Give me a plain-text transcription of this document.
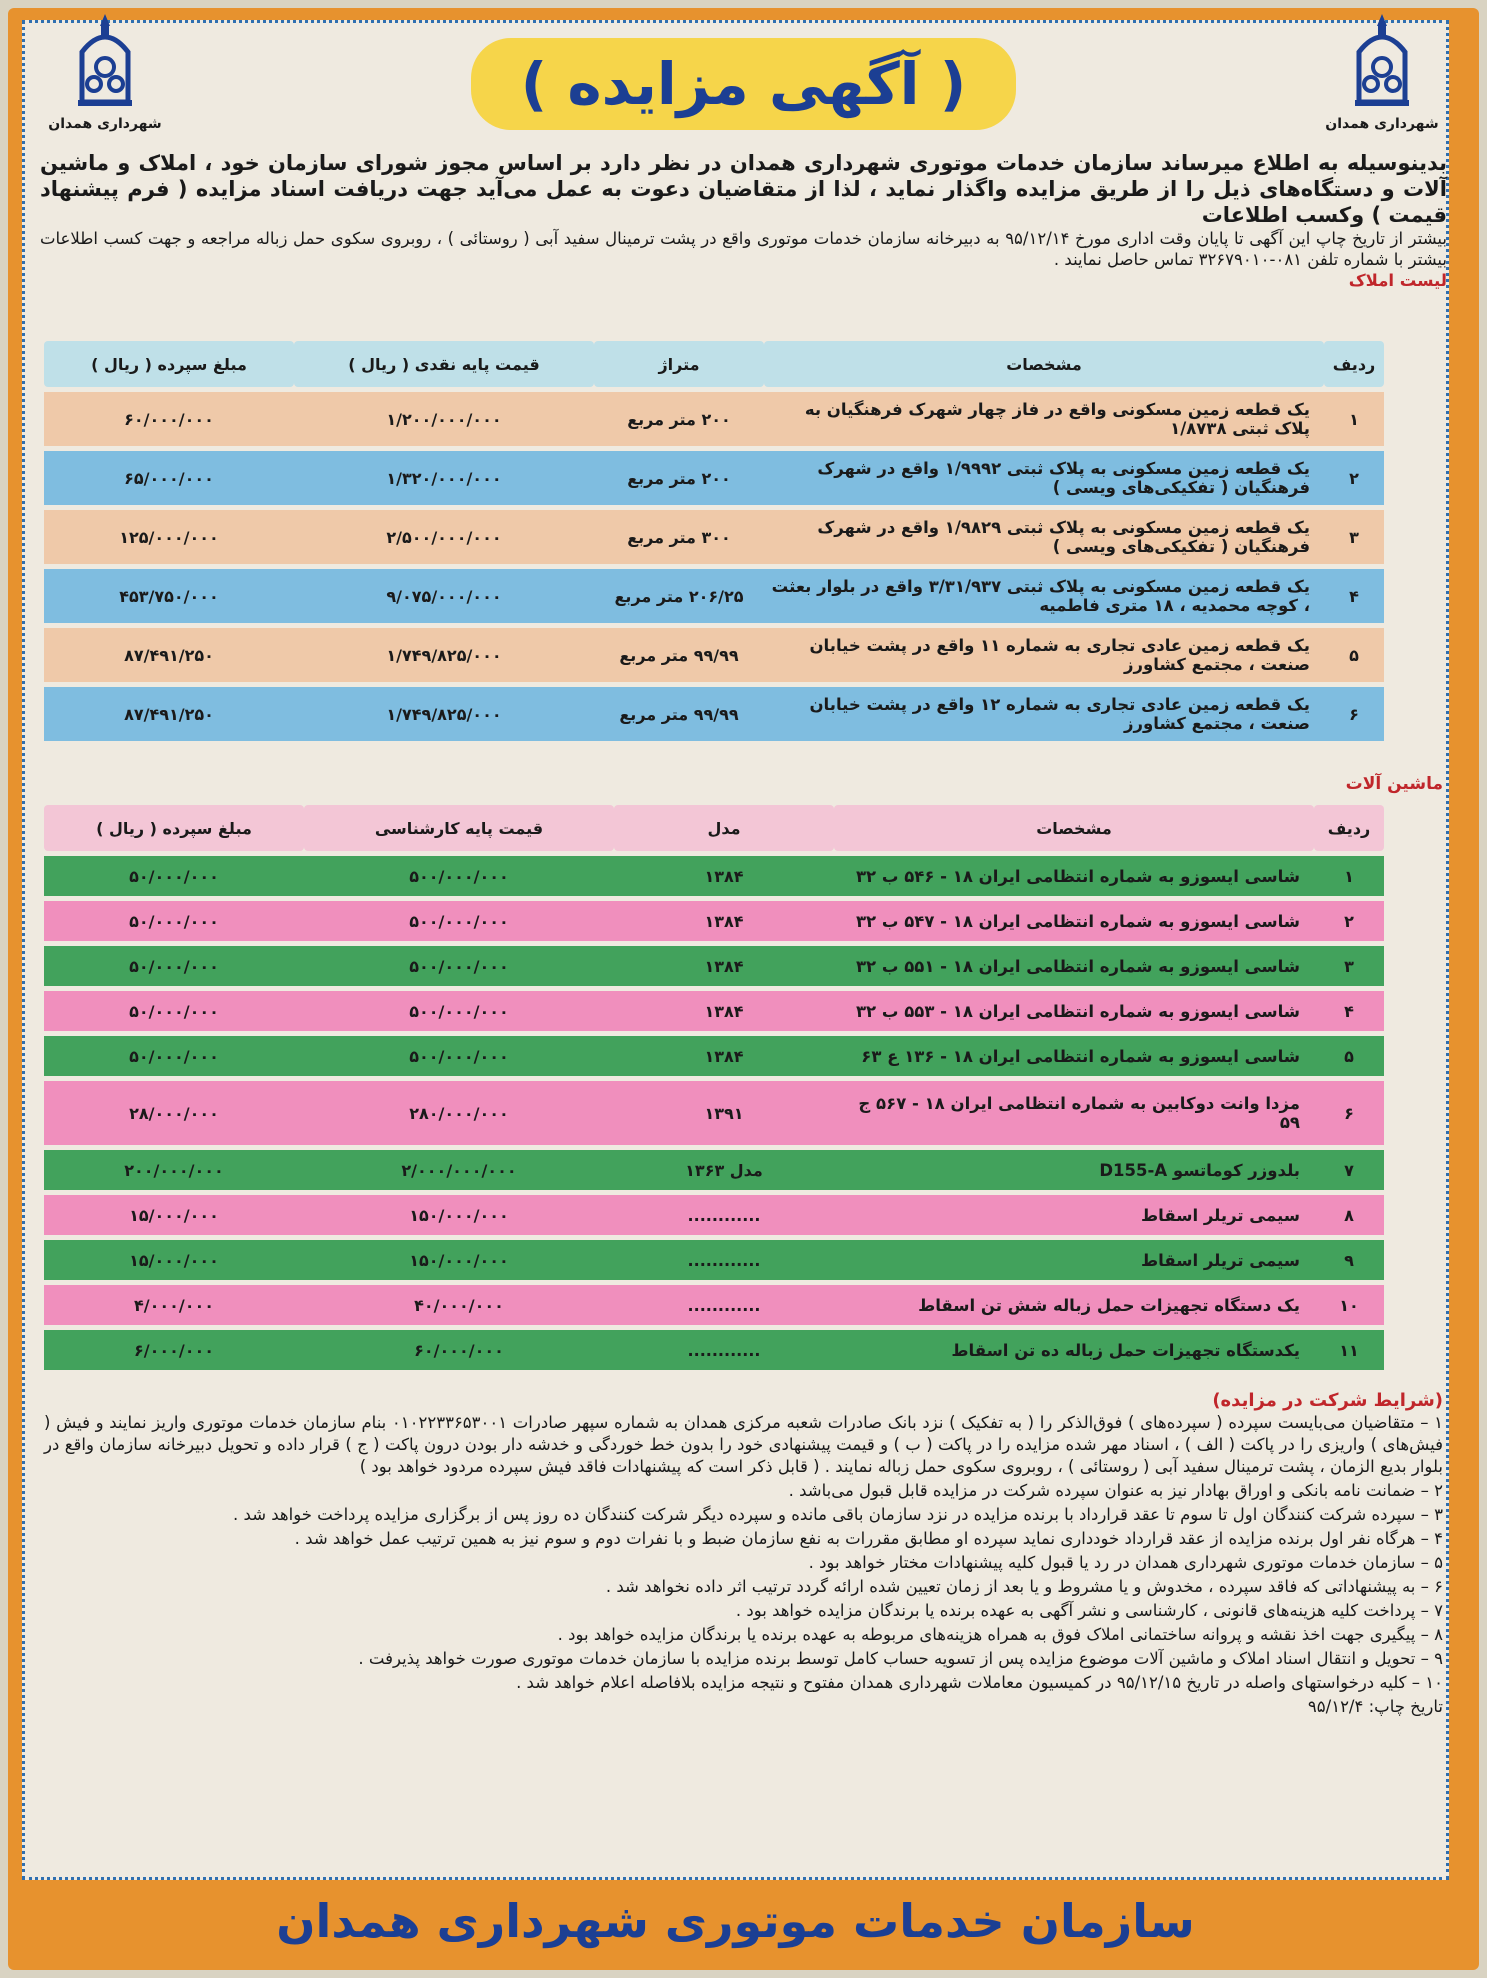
شهرداری همدان	شهرداری همدان
( آگهی مزایده )
بدینوسیله به اطلاع میرساند سازمان خدمات موتوری شهرداری همدان در نظر دارد بر اساس مجوز شورای سازمان خود ، املاک و ماشین آلات و دستگاه‌های ذیل را از طریق مزایده واگذار نماید ، لذا از متقاضیان دعوت به عمل می‌آید جهت دریافت اسناد مزایده ( فرم پیشنهاد قیمت ) وکسب اطلاعات
بیشتر از تاریخ چاپ این آگهی تا پایان وقت اداری مورخ ۹۵/۱۲/۱۴ به دبیرخانه سازمان خدمات موتوری واقع در پشت ترمینال سفید آبی ( روستائی ) ، روبروی سکوی حمل زباله مراجعه و جهت کسب اطلاعات بیشتر با شماره تلفن ۰۸۱-۳۲۶۷۹۰۱۰ تماس حاصل نمایند .
لیست املاک
ردیف	مشخصات	متراژ	قیمت پایه نقدی ( ریال )	مبلغ سپرده ( ریال )
۱	یک قطعه زمین مسکونی واقع در فاز چهار شهرک فرهنگیان به پلاک ثبتی ۱/۸۷۳۸	۲۰۰ متر مربع	۱/۲۰۰/۰۰۰/۰۰۰	۶۰/۰۰۰/۰۰۰
۲	یک قطعه زمین مسکونی به پلاک ثبتی ۱/۹۹۹۲ واقع در شهرک فرهنگیان ( تفکیکی‌های ویسی )	۲۰۰ متر مربع	۱/۳۲۰/۰۰۰/۰۰۰	۶۵/۰۰۰/۰۰۰
۳	یک قطعه زمین مسکونی به پلاک ثبتی ۱/۹۸۲۹ واقع در شهرک فرهنگیان ( تفکیکی‌های ویسی )	۳۰۰ متر مربع	۲/۵۰۰/۰۰۰/۰۰۰	۱۲۵/۰۰۰/۰۰۰
۴	یک قطعه زمین مسکونی به پلاک ثبتی ۳/۳۱/۹۳۷ واقع در بلوار بعثت ، کوچه محمدیه ، ۱۸ متری فاطمیه	۲۰۶/۲۵ متر مربع	۹/۰۷۵/۰۰۰/۰۰۰	۴۵۳/۷۵۰/۰۰۰
۵	یک قطعه زمین عادی تجاری به شماره ۱۱ واقع در پشت خیابان صنعت ، مجتمع کشاورز	۹۹/۹۹ متر مربع	۱/۷۴۹/۸۲۵/۰۰۰	۸۷/۴۹۱/۲۵۰
۶	یک قطعه زمین عادی تجاری به شماره ۱۲ واقع در پشت خیابان صنعت ، مجتمع کشاورز	۹۹/۹۹ متر مربع	۱/۷۴۹/۸۲۵/۰۰۰	۸۷/۴۹۱/۲۵۰
ماشین آلات
ردیف	مشخصات	مدل	قیمت پایه کارشناسی	مبلغ سپرده ( ریال )
۱	شاسی ایسوزو به شماره انتظامی ایران ۱۸ - ۵۴۶ ب ۳۲	۱۳۸۴	۵۰۰/۰۰۰/۰۰۰	۵۰/۰۰۰/۰۰۰
۲	شاسی ایسوزو به شماره انتظامی ایران ۱۸ - ۵۴۷ ب ۳۲	۱۳۸۴	۵۰۰/۰۰۰/۰۰۰	۵۰/۰۰۰/۰۰۰
۳	شاسی ایسوزو به شماره انتظامی ایران ۱۸ - ۵۵۱ ب ۳۲	۱۳۸۴	۵۰۰/۰۰۰/۰۰۰	۵۰/۰۰۰/۰۰۰
۴	شاسی ایسوزو به شماره انتظامی ایران ۱۸ - ۵۵۳ ب ۳۲	۱۳۸۴	۵۰۰/۰۰۰/۰۰۰	۵۰/۰۰۰/۰۰۰
۵	شاسی ایسوزو به شماره انتظامی ایران ۱۸ - ۱۳۶ ع ۶۳	۱۳۸۴	۵۰۰/۰۰۰/۰۰۰	۵۰/۰۰۰/۰۰۰
۶	مزدا وانت دوکابین به شماره انتظامی ایران ۱۸ - ۵۶۷ ج ۵۹	۱۳۹۱	۲۸۰/۰۰۰/۰۰۰	۲۸/۰۰۰/۰۰۰
۷	بلدوزر کوماتسو D155-A	مدل ۱۳۶۳	۲/۰۰۰/۰۰۰/۰۰۰	۲۰۰/۰۰۰/۰۰۰
۸	سیمی تریلر اسقاط	............	۱۵۰/۰۰۰/۰۰۰	۱۵/۰۰۰/۰۰۰
۹	سیمی تریلر اسقاط	............	۱۵۰/۰۰۰/۰۰۰	۱۵/۰۰۰/۰۰۰
۱۰	یک دستگاه تجهیزات حمل زباله شش تن اسقاط	............	۴۰/۰۰۰/۰۰۰	۴/۰۰۰/۰۰۰
۱۱	یکدستگاه تجهیزات حمل زباله ده تن اسقاط	............	۶۰/۰۰۰/۰۰۰	۶/۰۰۰/۰۰۰
(شرایط شرکت در مزایده)

۱ – متقاضیان می‌بایست سپرده ( سپرده‌های ) فوق‌الذکر را ( به تفکیک ) نزد بانک صادرات شعبه مرکزی همدان به شماره سپهر صادرات ۰۱۰۲۲۳۳۶۵۳۰۰۱ بنام سازمان خدمات موتوری واریز نمایند و فیش ( فیش‌های ) واریزی را در پاکت ( الف ) ، اسناد مهر شده مزایده را در پاکت ( ب ) و قیمت پیشنهادی خود را بدون خط خوردگی و خدشه دار بودن درون پاکت ( ج ) قرار داده و تحویل دبیرخانه سازمان واقع در بلوار بدیع الزمان ، پشت ترمینال سفید آبی ( روستائی ) ، روبروی سکوی حمل زباله نمایند . ( قابل ذکر است که پیشنهادات فاقد فیش سپرده مردود خواهد بود )

۲ – ضمانت نامه بانکی و اوراق بهادار نیز به عنوان سپرده شرکت در مزایده قابل قبول می‌باشد .

۳ – سپرده شرکت کنندگان اول تا سوم تا عقد قرارداد با برنده مزایده در نزد سازمان باقی مانده و سپرده دیگر شرکت کنندگان ده روز پس از برگزاری مزایده پرداخت خواهد شد .

۴ – هرگاه نفر اول برنده مزایده از عقد قرارداد خودداری نماید سپرده او مطابق مقررات به نفع سازمان ضبط و با نفرات دوم و سوم نیز به همین ترتیب عمل خواهد شد .

۵ – سازمان خدمات موتوری شهرداری همدان در رد یا قبول کلیه پیشنهادات مختار خواهد بود .

۶ – به پیشنهاداتی که فاقد سپرده ، مخدوش و یا مشروط و یا بعد از زمان تعیین شده ارائه گردد ترتیب اثر داده نخواهد شد .

۷ – پرداخت کلیه هزینه‌های قانونی ، کارشناسی و نشر آگهی به عهده برنده یا برندگان مزایده خواهد بود .

۸ – پیگیری جهت اخذ نقشه و پروانه ساختمانی املاک فوق به همراه هزینه‌های مربوطه به عهده برنده یا برندگان مزایده خواهد بود .

۹ – تحویل و انتقال اسناد املاک و ماشین آلات موضوع مزایده پس از تسویه حساب کامل توسط برنده مزایده با سازمان خدمات موتوری صورت خواهد پذیرفت .

۱۰ – کلیه درخواستهای واصله در تاریخ ۹۵/۱۲/۱۵ در کمیسیون معاملات شهرداری همدان مفتوح و نتیجه مزایده بلافاصله اعلام خواهد شد .

تاریخ چاپ: ۹۵/۱۲/۴

سازمان خدمات موتوری شهرداری همدان
